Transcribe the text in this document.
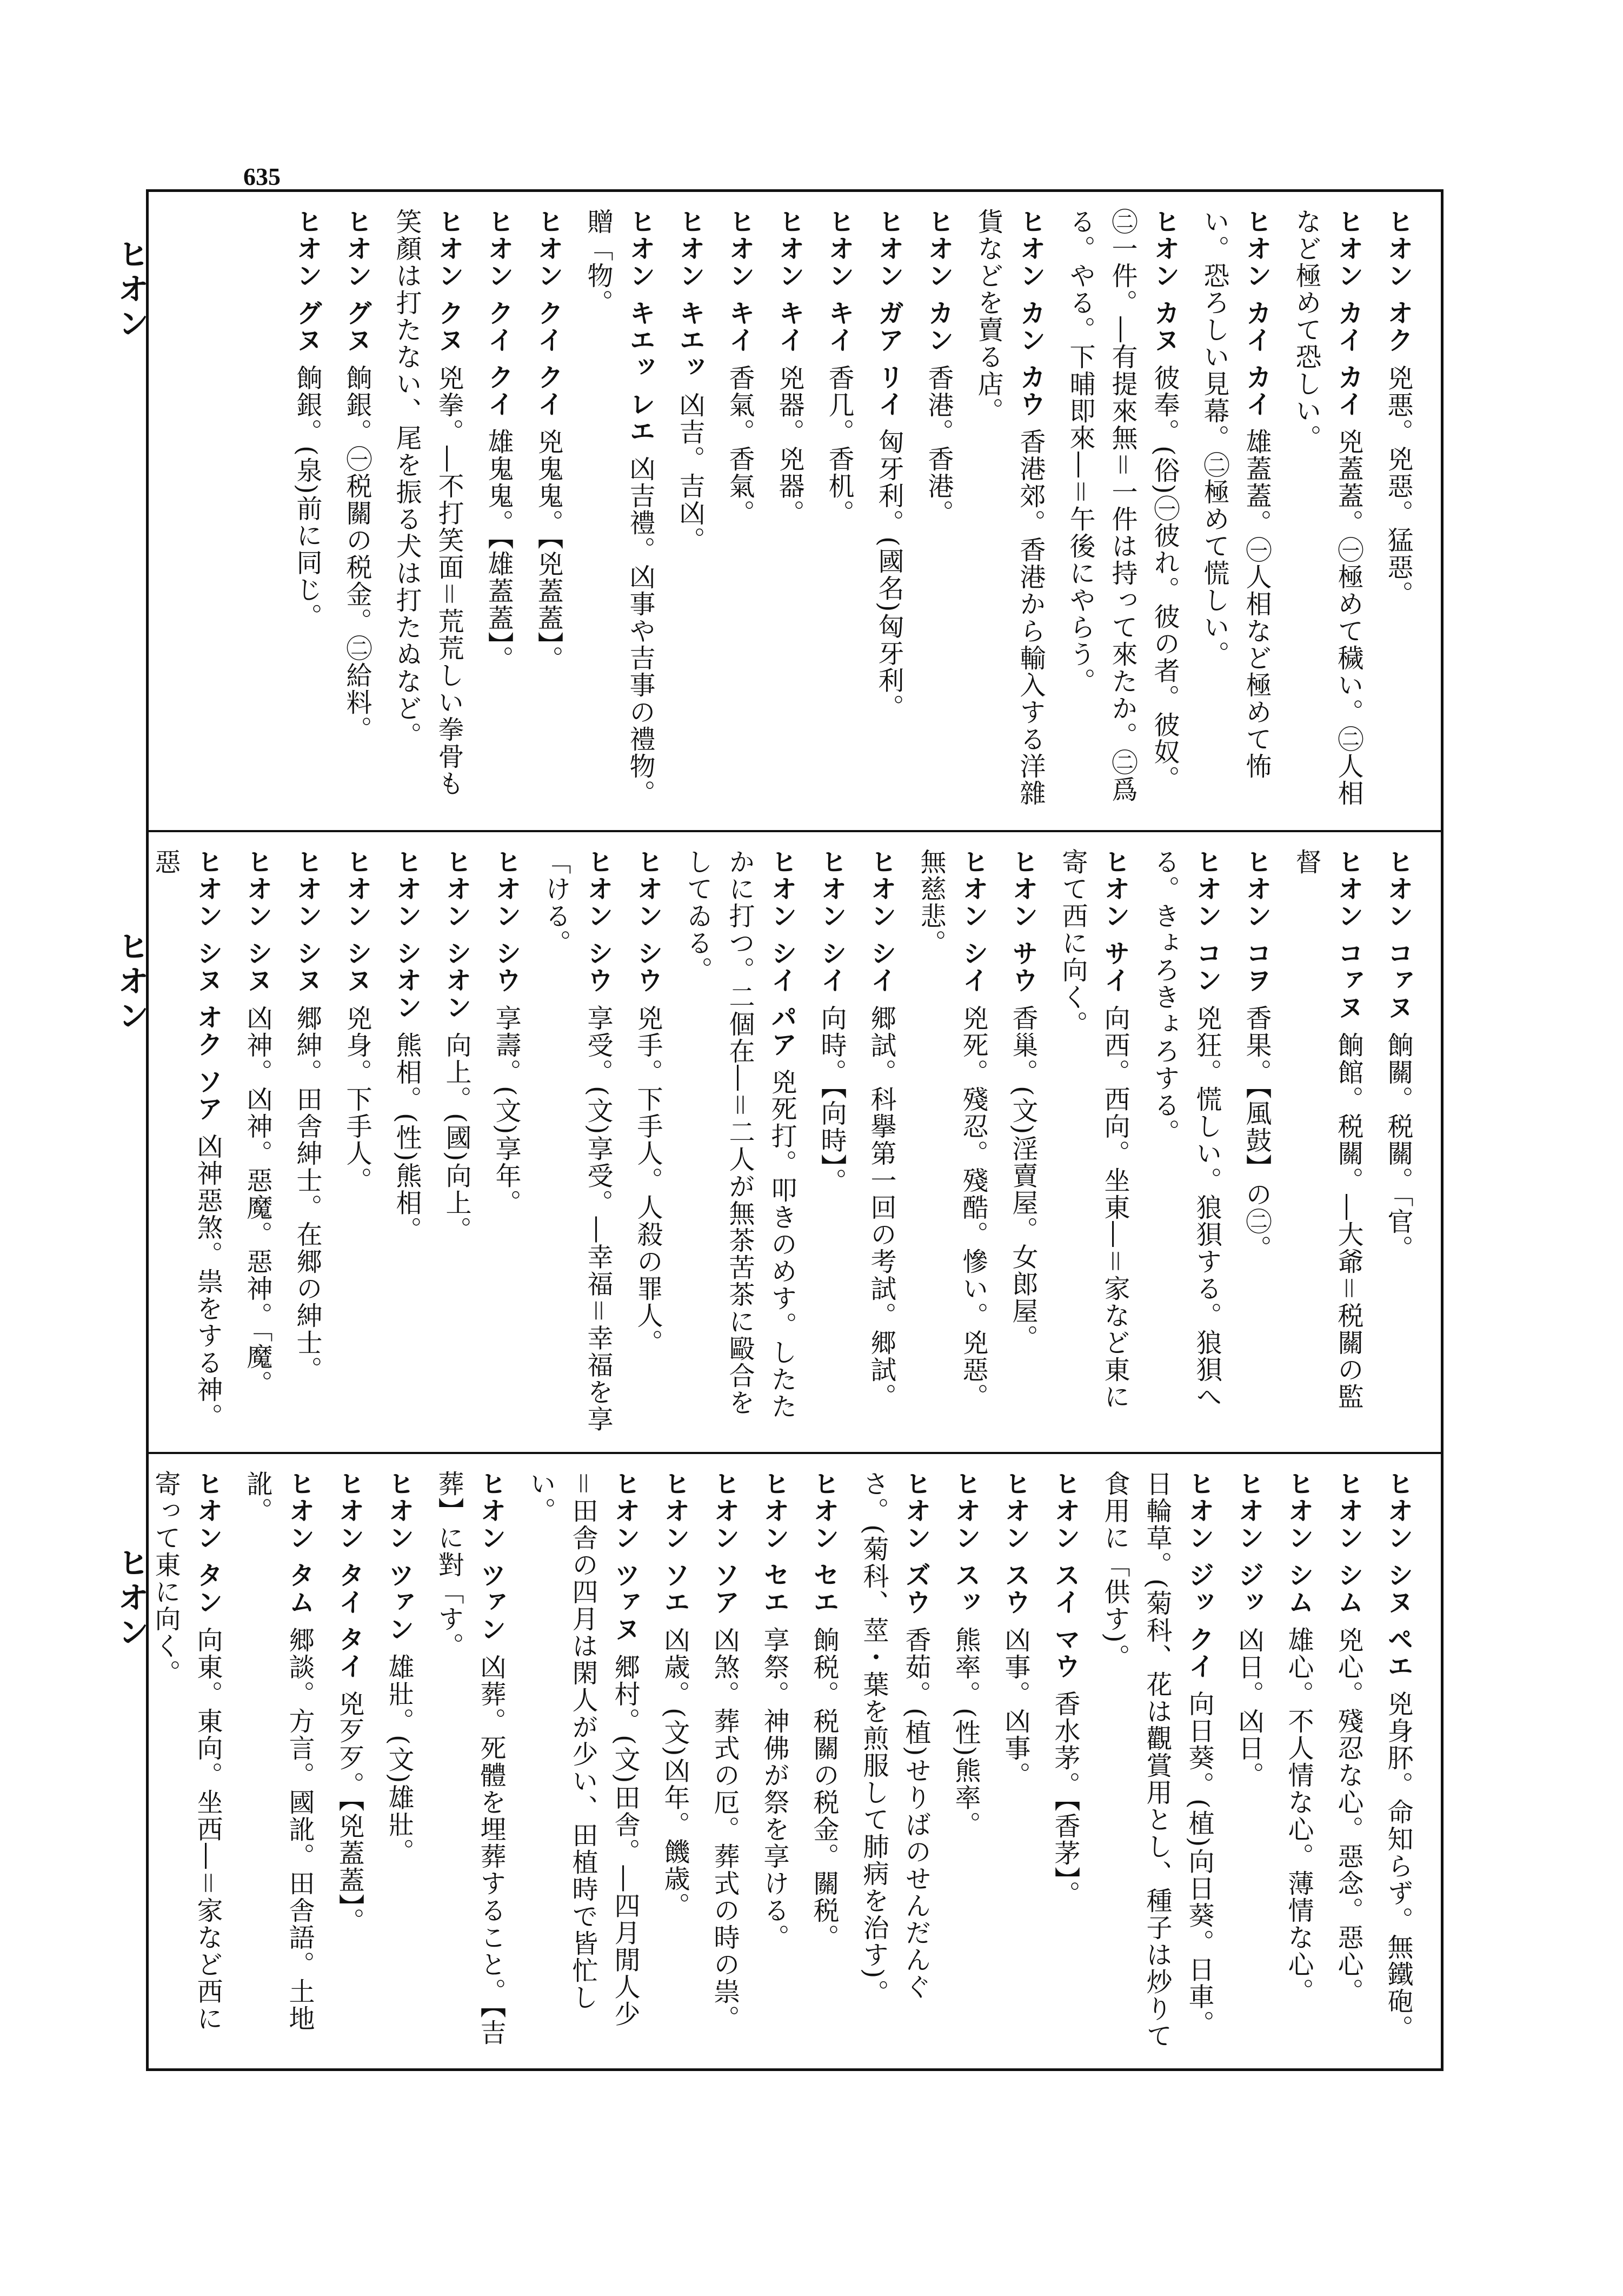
635
ヒオン
ヒオン
ヒオン
ヒオン オク兇悪。兇惡。猛惡。
ヒオン カイ カイ兇蓋蓋。㊀極めて穢い。㊁人相など極めて恐しい。
ヒオン カイ カイ雄蓋蓋。㊀人相など極めて怖い。恐ろしい見幕。㊁極めて慌しい。
ヒオン カヌ彼奉。(俗)㊀彼れ。彼の者。彼奴。㊁一件。―有提來無＝一件は持って來たか。㊁爲る。やる。下晡即來―＝午後にやらう。
ヒオン カン カウ香港郊。香港から輸入する洋雜貨などを賣る店。
ヒオン カン香港。香港。
ヒオン ガア リイ匈牙利。(國名)匈牙利。
ヒオン キイ香几。香机。
ヒオン キイ兇器。兇器。
ヒオン キイ香氣。香氣。
ヒオン キエッ凶吉。吉凶。
ヒオン キエッ レエ凶吉禮。凶事や吉事の禮物。贈「物。
ヒオン クイ クイ兇鬼鬼。【兇蓋蓋】。
ヒオン クイ クイ雄鬼鬼。【雄蓋蓋】。
ヒオン クヌ兇拳。―不打笑面＝荒荒しい拳骨も笑顏は打たない、尾を振る犬は打たぬなど。
ヒオン グヌ餉銀。㊀税關の税金。㊁給料。
ヒオン グヌ餉銀。(泉)前に同じ。
ヒオン コァヌ餉關。税關。「官。
ヒオン コァヌ餉館。税關。―大爺＝税關の監督
ヒオン コヲ香果。【風鼓】の㊁。
ヒオン コン兇狂。慌しい。狼狽する。狼狽へる。きょろきょろする。
ヒオン サイ向西。西向。坐東―＝家など東に寄て西に向く。
ヒオン サウ香巢。(文)淫賣屋。女郎屋。
ヒオン シイ兇死。殘忍。殘酷。慘い。兇惡。無慈悲。
ヒオン シイ郷試。科擧第一回の考試。郷試。
ヒオン シイ向時。【向時】。
ヒオン シイ パア兇死打。叩きのめす。したたかに打つ。二個在―＝二人が無茶苦茶に毆合をしてゐる。
ヒオン シウ兇手。下手人。人殺の罪人。
ヒオン シウ享受。(文)享受。―幸福＝幸福を享「ける。
ヒオン シウ享壽。(文)享年。
ヒオン シオン向上。(國)向上。
ヒオン シオン熊相。(性)熊相。
ヒオン シヌ兇身。下手人。
ヒオン シヌ郷紳。田舎紳士。在郷の紳士。
ヒオン シヌ凶神。凶神。惡魔。惡神。「魔。
ヒオン シヌ オク ソア凶神惡煞。祟をする神。惡
ヒオン シヌ ペエ兇身肧。命知らず。無鐵砲。
ヒオン シム兇心。殘忍な心。惡念。惡心。
ヒオン シム雄心。不人情な心。薄情な心。
ヒオン ジッ凶日。凶日。
ヒオン ジッ クイ向日葵。(植)向日葵。日車。日輪草。(菊科、花は觀賞用とし、種子は炒りて食用に「供す)。
ヒオン スイ マウ香水茅。【香茅】。
ヒオン スウ凶事。凶事。
ヒオン スッ熊率。(性)熊率。
ヒオン ズウ香茹。(植)せりばのせんだんぐさ。(菊科、莖・葉を煎服して肺病を治す)。
ヒオン セエ餉税。税關の税金。關税。
ヒオン セエ享祭。神佛が祭を享ける。
ヒオン ソア凶煞。葬式の厄。葬式の時の祟。
ヒオン ソエ凶歳。(文)凶年。饑歳。
ヒオン ツァヌ郷村。(文)田舎。―四月閒人少＝田舎の四月は閑人が少い、田植時で皆忙しい。
ヒオン ツァン凶葬。死體を埋葬すること。【吉葬】に對「す。
ヒオン ツァン雄壯。(文)雄壯。
ヒオン タイ タイ兇歹歹。【兇蓋蓋】。
ヒオン タム郷談。方言。國訛。田舎語。土地訛。
ヒオン タン向東。東向。坐西―＝家など西に寄って東に向く。
